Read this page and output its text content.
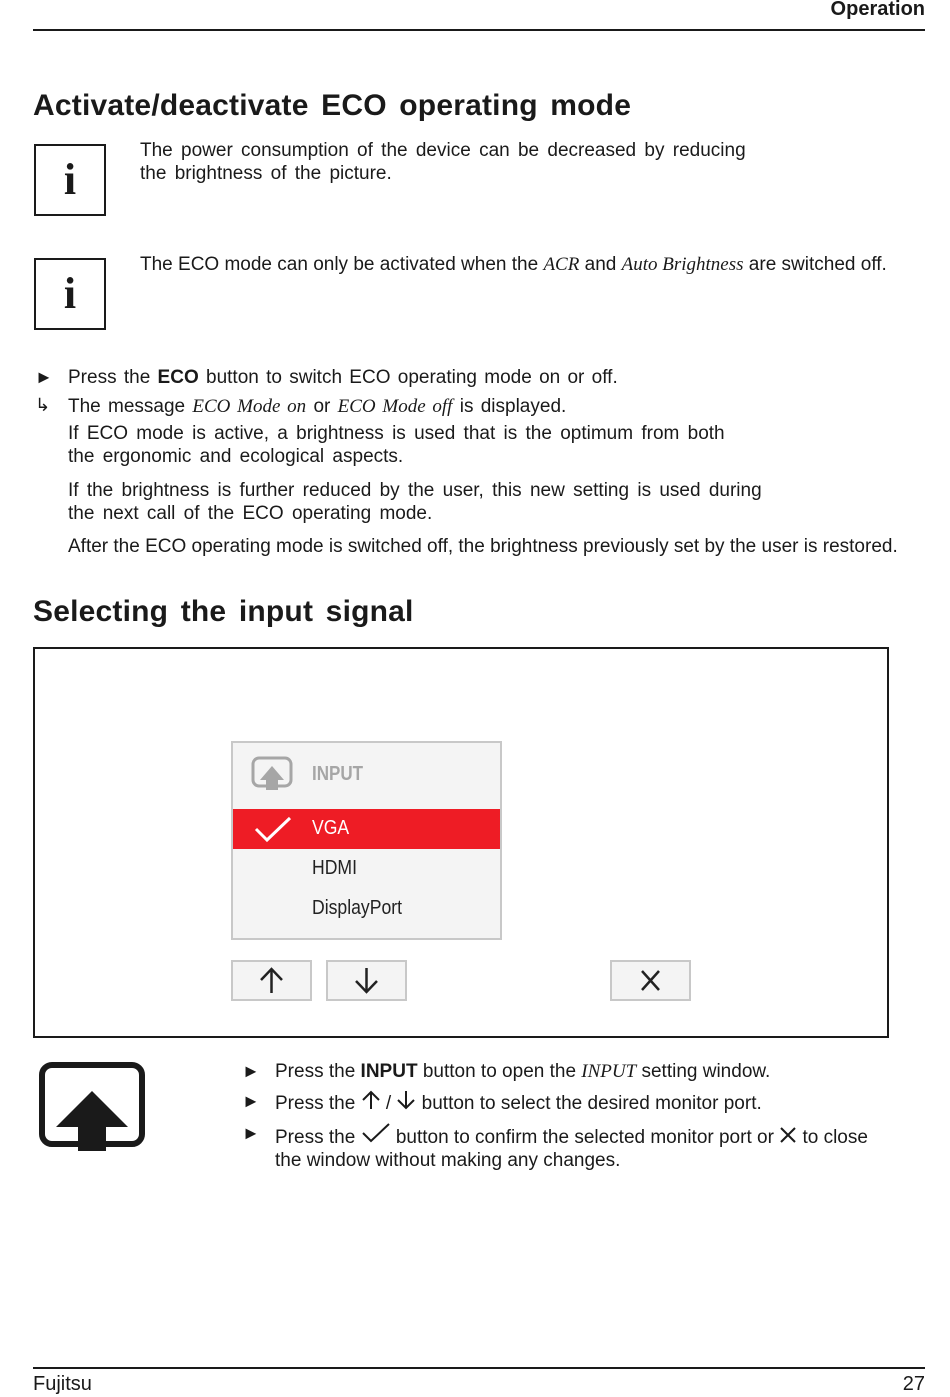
Operation
Activate/deactivate ECO operating mode
i
The power consumption of the device can be decreased by reducing
the brightness of the picture.
i
The ECO mode can only be activated when the ACR and Auto Brightness are switched off.
► Press the ECO button to switch ECO operating mode on or off.
↳ The message ECO Mode on or ECO Mode off is displayed.
If ECO mode is active, a brightness is used that is the optimum from both
the ergonomic and ecological aspects.
If the brightness is further reduced by the user, this new setting is used during
the next call of the ECO operating mode.
After the ECO operating mode is switched off, the brightness previously set by the user is restored.
Selecting the input signal
INPUT
VGA
HDMI
DisplayPort
► Press the INPUT button to open the INPUT setting window.
► Press the  /  button to select the desired monitor port.
► Press the  button to confirm the selected monitor port or  to close
the window without making any changes.
Fujitsu	27
